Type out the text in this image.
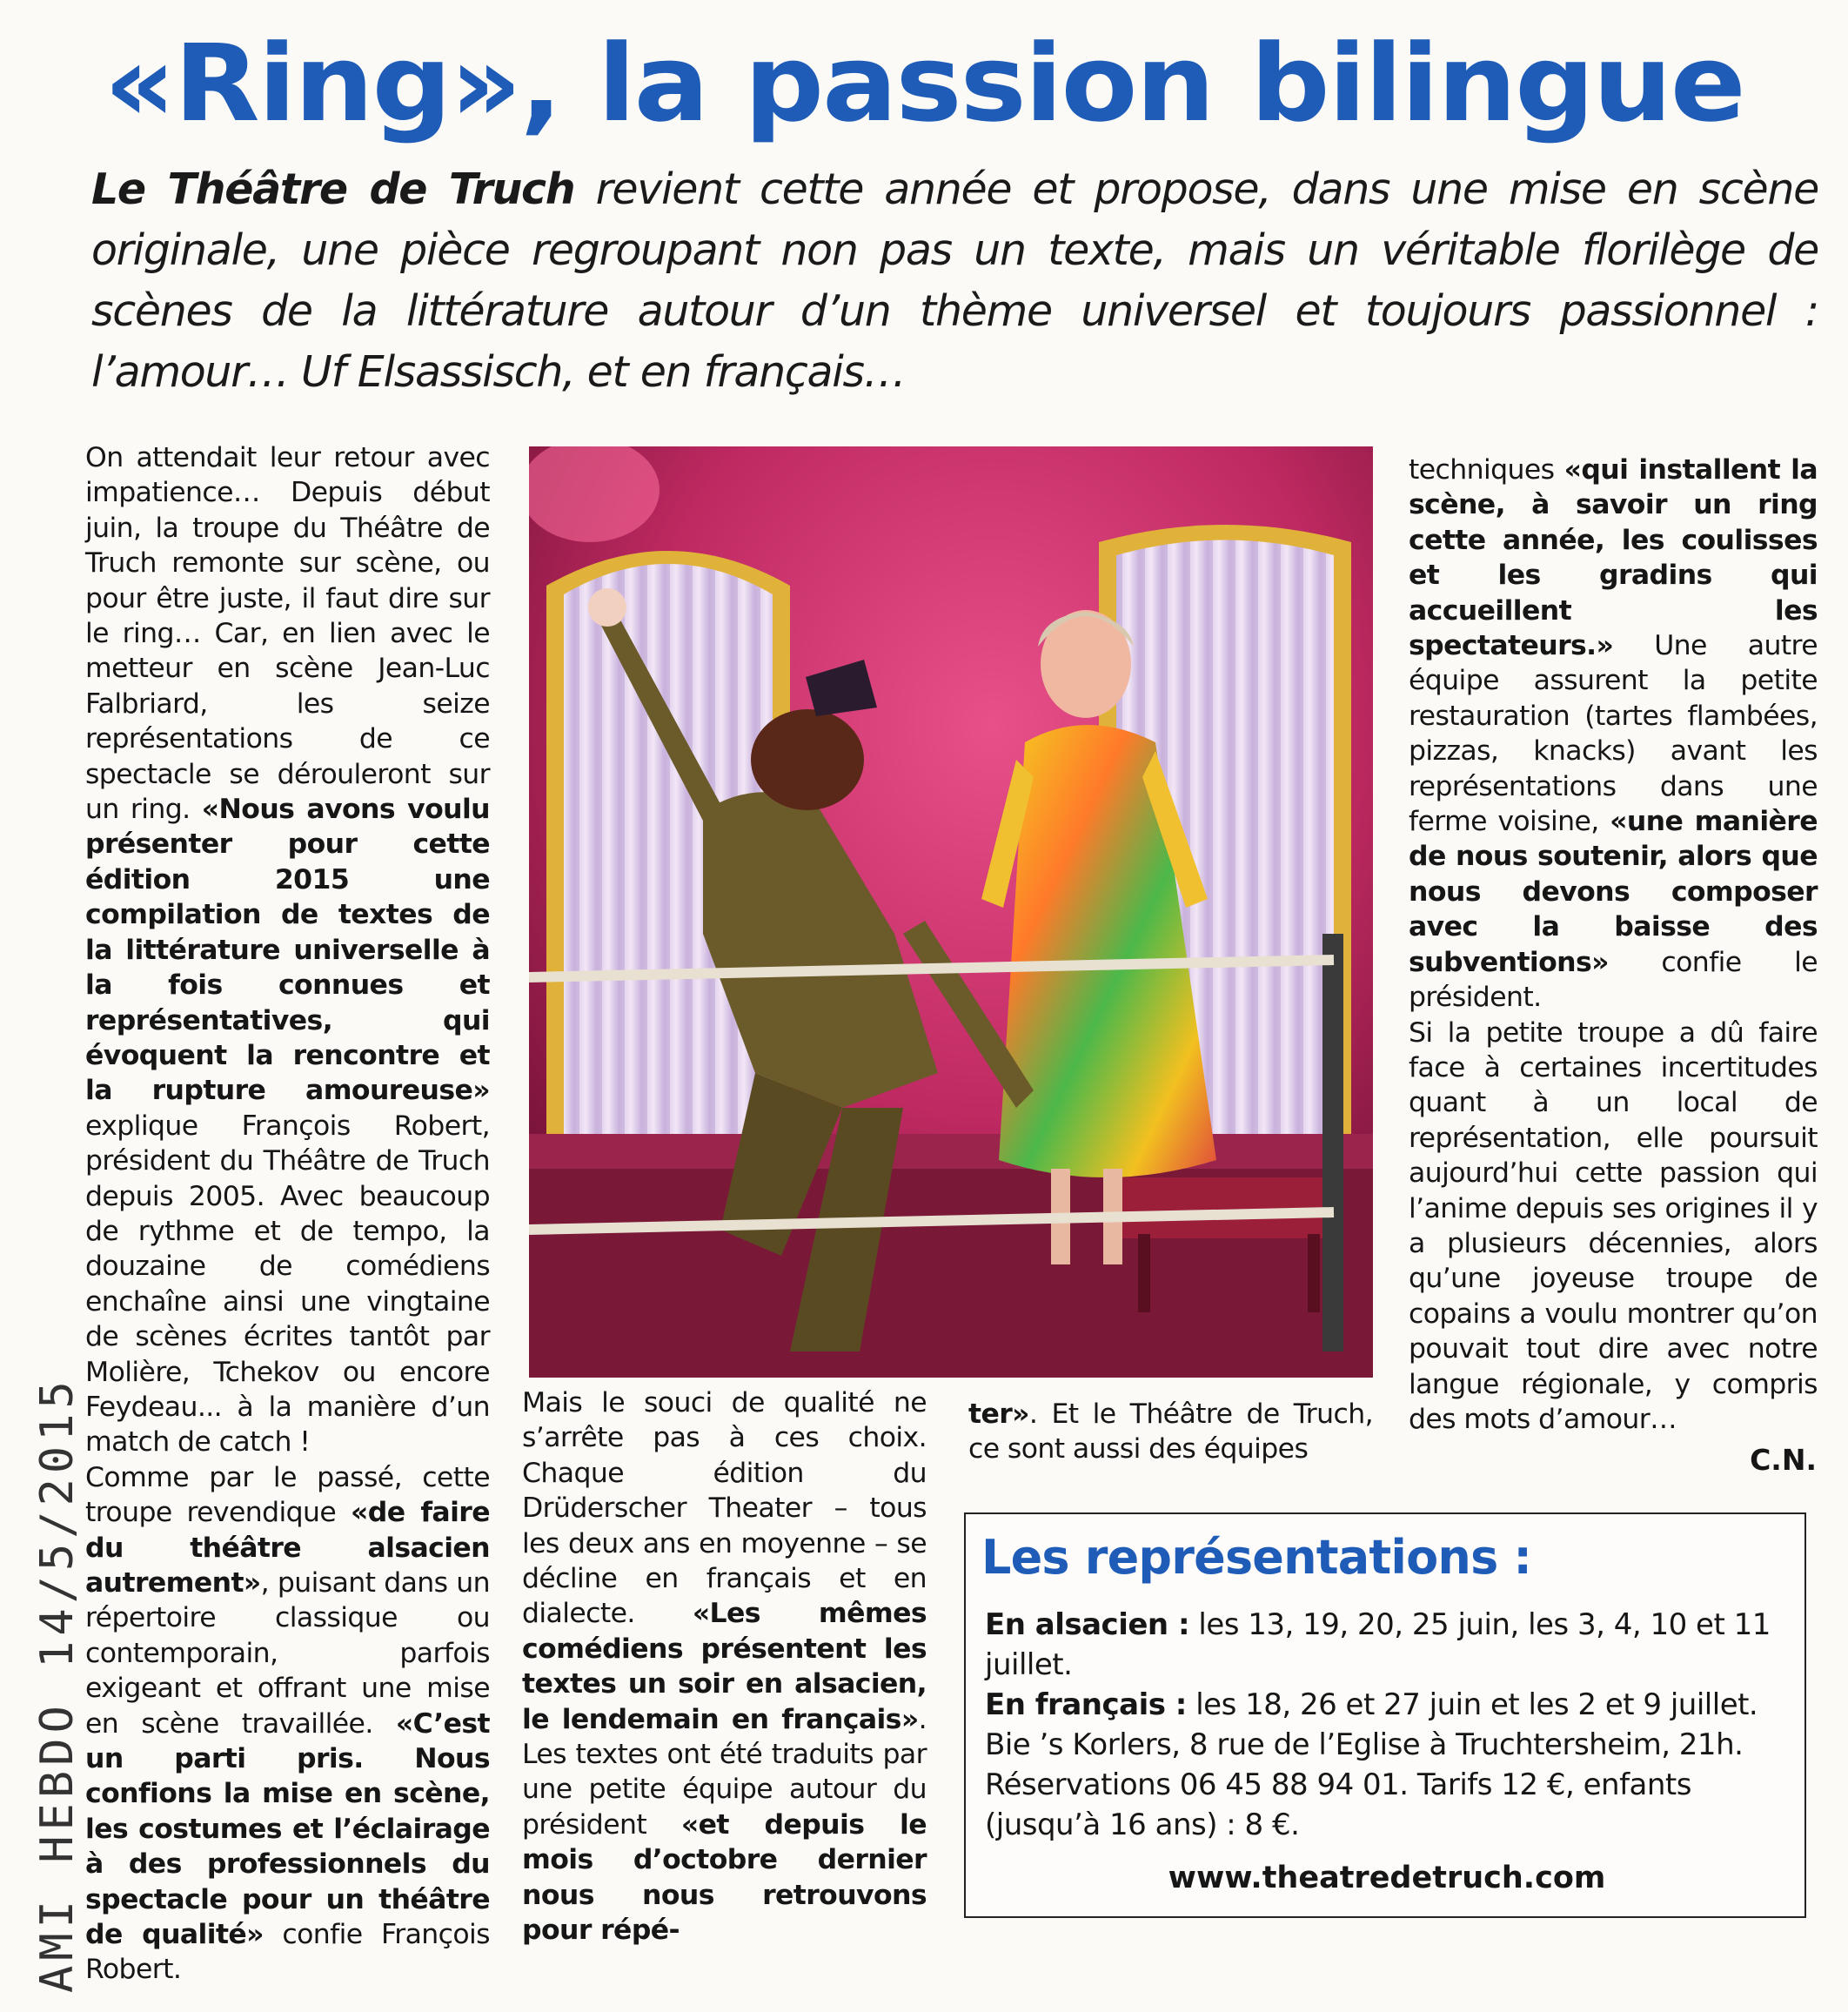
«Ring», la passion bilingue
Le Théâtre de Truch revient cette année et propose, dans une mise en scène originale, une pièce regroupant non pas un texte, mais un véritable florilège de scènes de la littérature autour d’un thème universel et toujours passionnel : l’amour… Uf Elsassisch, et en français…
AMI HEBDO 14/5/2015

On attendait leur retour avec impatience… Depuis début juin, la troupe du Théâtre de Truch remonte sur scène, ou pour être juste, il faut dire sur le ring… Car, en lien avec le metteur en scène Jean-Luc Falbriard, les seize représentations de ce spectacle se dérouleront sur un ring. «Nous avons voulu présenter pour cette édition 2015 une compilation de textes de la littérature universelle à la fois connues et représentatives, qui évoquent la rencontre et la rupture amoureuse» explique François Robert, président du Théâtre de Truch depuis 2005. Avec beaucoup de rythme et de tempo, la douzaine de comédiens enchaîne ainsi une vingtaine de scènes écrites tantôt par Molière, Tchekov ou encore Feydeau... à la manière d’un match de catch !

Comme par le passé, cette troupe revendique «de faire du théâtre alsacien autrement», puisant dans un répertoire classique ou contemporain, parfois exigeant et offrant une mise en scène travaillée. «C’est un parti pris. Nous confions la mise en scène, les costumes et l’éclairage à des professionnels du spectacle pour un théâtre de qualité» confie François Robert.

Mais le souci de qualité ne s’arrête pas à ces choix. Chaque édition du Drüderscher Theater – tous les deux ans en moyenne – se décline en français et en dialecte. «Les mêmes comédiens présentent les textes un soir en alsacien, le lendemain en français». Les textes ont été traduits par une petite équipe autour du président «et depuis le mois d’octobre dernier nous nous retrouvons pour répé-

ter». Et le Théâtre de Truch, ce sont aussi des équipes

techniques «qui installent la scène, à savoir un ring cette année, les coulisses et les gradins qui accueillent les spectateurs.» Une autre équipe assurent la petite restauration (tartes flambées, pizzas, knacks) avant les représentations dans une ferme voisine, «une manière de nous soutenir, alors que nous devons composer avec la baisse des subventions» confie le président.

Si la petite troupe a dû faire face à certaines incertitudes quant à un local de représentation, elle poursuit aujourd’hui cette passion qui l’anime depuis ses origines il y a plusieurs décennies, alors qu’une joyeuse troupe de copains a voulu montrer qu’on pouvait tout dire avec notre langue régionale, y compris des mots d’amour…

C.N.
Les représentations :

En alsacien : les 13, 19, 20, 25 juin, les 3, 4, 10 et 11 juillet.

En français : les 18, 26 et 27 juin et les 2 et 9 juillet.

Bie ’s Korlers, 8 rue de l’Eglise à Truchtersheim, 21h.

Réservations 06 45 88 94 01. Tarifs 12 €, enfants (jusqu’à 16 ans) : 8 €.

www.theatredetruch.com
